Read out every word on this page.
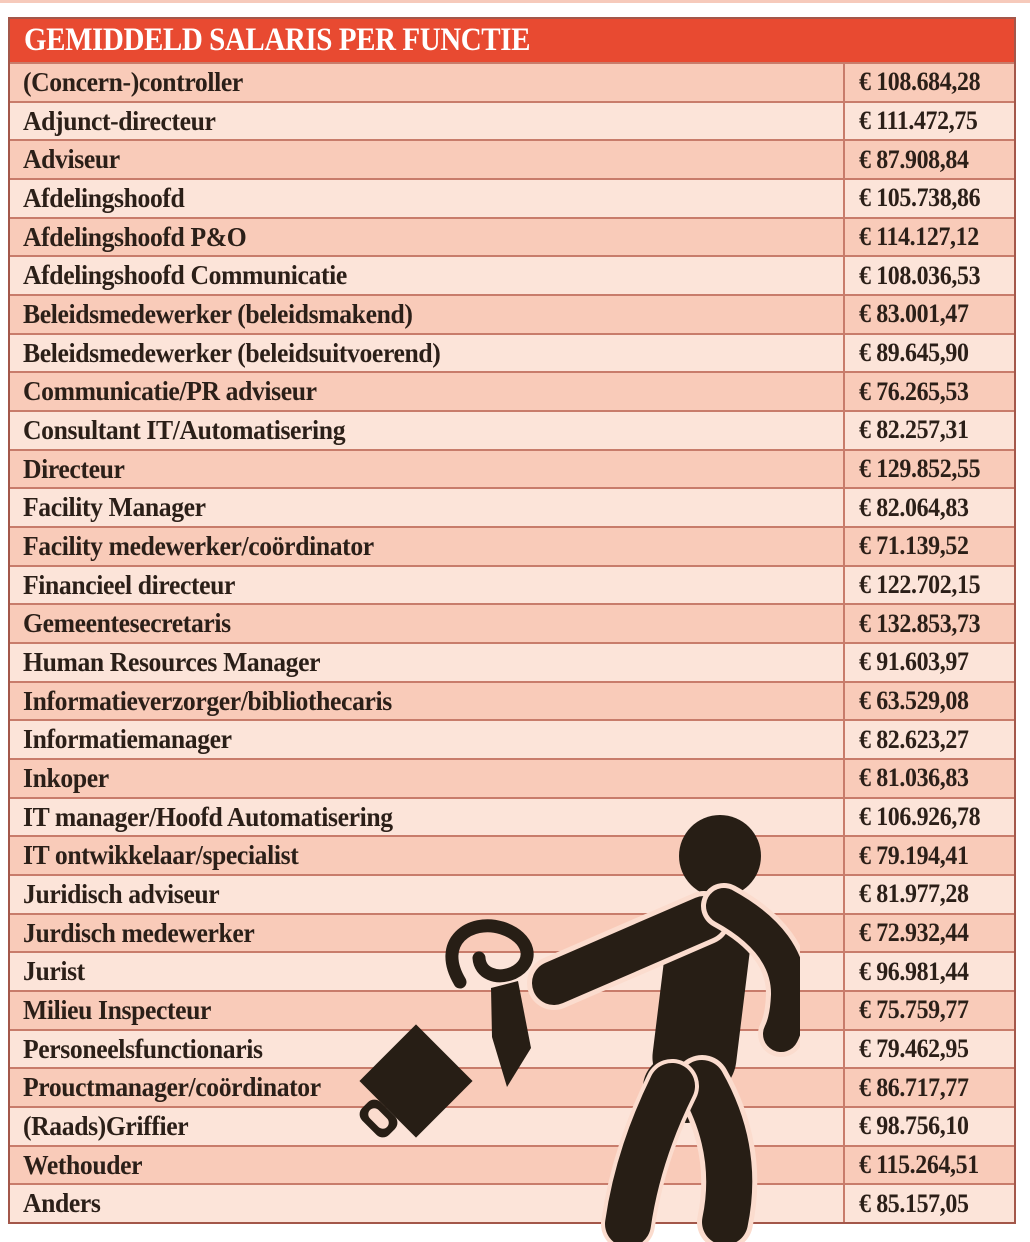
GEMIDDELD SALARIS PER FUNCTIE
(Concern-)controller	€ 108.684,28
Adjunct-directeur	€ 111.472,75
Adviseur	€ 87.908,84
Afdelingshoofd	€ 105.738,86
Afdelingshoofd P&O	€ 114.127,12
Afdelingshoofd Communicatie	€ 108.036,53
Beleidsmedewerker (beleidsmakend)	€ 83.001,47
Beleidsmedewerker (beleidsuitvoerend)	€ 89.645,90
Communicatie/PR adviseur	€ 76.265,53
Consultant IT/Automatisering	€ 82.257,31
Directeur	€ 129.852,55
Facility Manager	€ 82.064,83
Facility medewerker/coördinator	€ 71.139,52
Financieel directeur	€ 122.702,15
Gemeentesecretaris	€ 132.853,73
Human Resources Manager	€ 91.603,97
Informatieverzorger/bibliothecaris	€ 63.529,08
Informatiemanager	€ 82.623,27
Inkoper	€ 81.036,83
IT manager/Hoofd Automatisering	€ 106.926,78
IT ontwikkelaar/specialist	€ 79.194,41
Juridisch adviseur	€ 81.977,28
Jurdisch medewerker	€ 72.932,44
Jurist	€ 96.981,44
Milieu Inspecteur	€ 75.759,77
Personeelsfunctionaris	€ 79.462,95
Prouctmanager/coördinator	€ 86.717,77
(Raads)Griffier	€ 98.756,10
Wethouder	€ 115.264,51
Anders	€ 85.157,05
